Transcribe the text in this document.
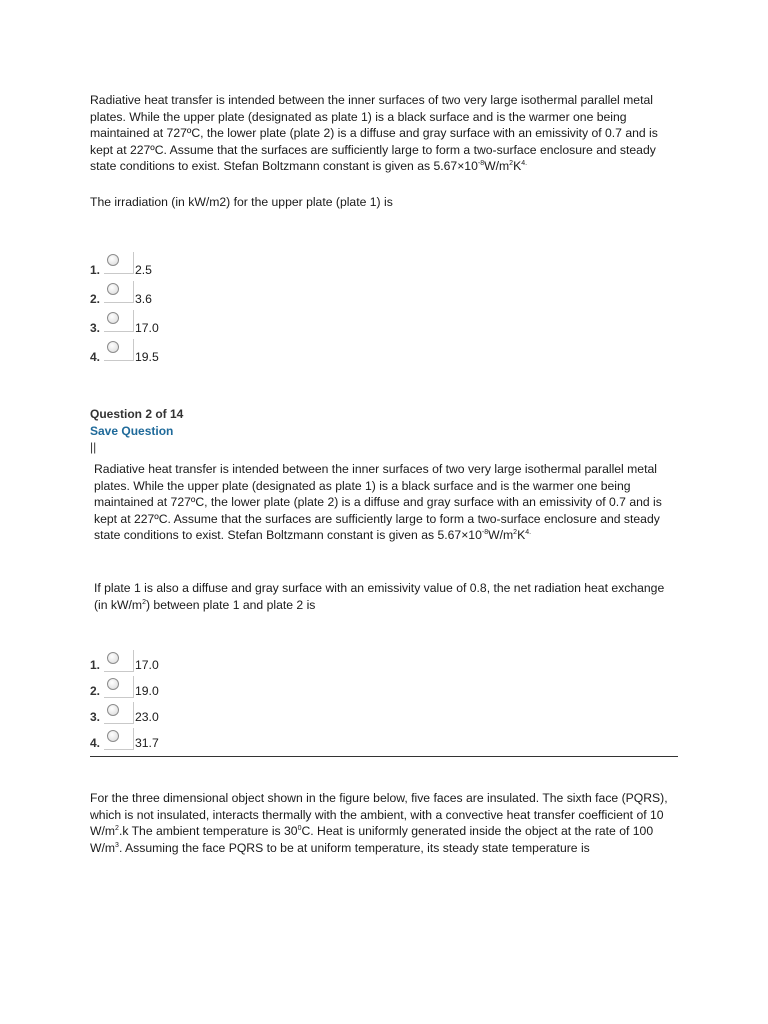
Radiative heat transfer is intended between the inner surfaces of two very large isothermal parallel metal plates. While the upper plate (designated as plate 1) is a black surface and is the warmer one being maintained at 727ºC, the lower plate (plate 2) is a diffuse and gray surface with an emissivity of 0.7 and is kept at 227ºC. Assume that the surfaces are sufficiently large to form a two-surface enclosure and steady state conditions to exist. Stefan Boltzmann constant is given as $5.67\times 10^{-8}W/m^2K^{4.}$

The irradiation (in kW/m2) for the upper plate (plate 1) is

1.	2.5
2.	3.6
3.	17.0
4.	19.5
Question 2 of 14
Save Question
||

Radiative heat transfer is intended between the inner surfaces of two very large isothermal parallel metal plates. While the upper plate (designated as plate 1) is a black surface and is the warmer one being maintained at 727ºC, the lower plate (plate 2) is a diffuse and gray surface with an emissivity of 0.7 and is kept at 227ºC. Assume that the surfaces are sufficiently large to form a two-surface enclosure and steady state conditions to exist. Stefan Boltzmann constant is given as $5.67\times 10^{-8}W/m^2K^{4.}$

If plate 1 is also a diffuse and gray surface with an emissivity value of 0.8, the net radiation heat exchange (in $kW/m^2$) between plate 1 and plate 2 is

1.	17.0
2.	19.0
3.	23.0
4.	31.7

For the three dimensional object shown in the figure below, five faces are insulated. The sixth face (PQRS), which is not insulated, interacts thermally with the ambient, with a convective heat transfer coefficient of 10 $W/m^2.k$ The ambient temperature is $30^0C$. Heat is uniformly generated inside the object at the rate of 100 $W/m^3$. Assuming the face PQRS to be at uniform temperature, its steady state temperature is
